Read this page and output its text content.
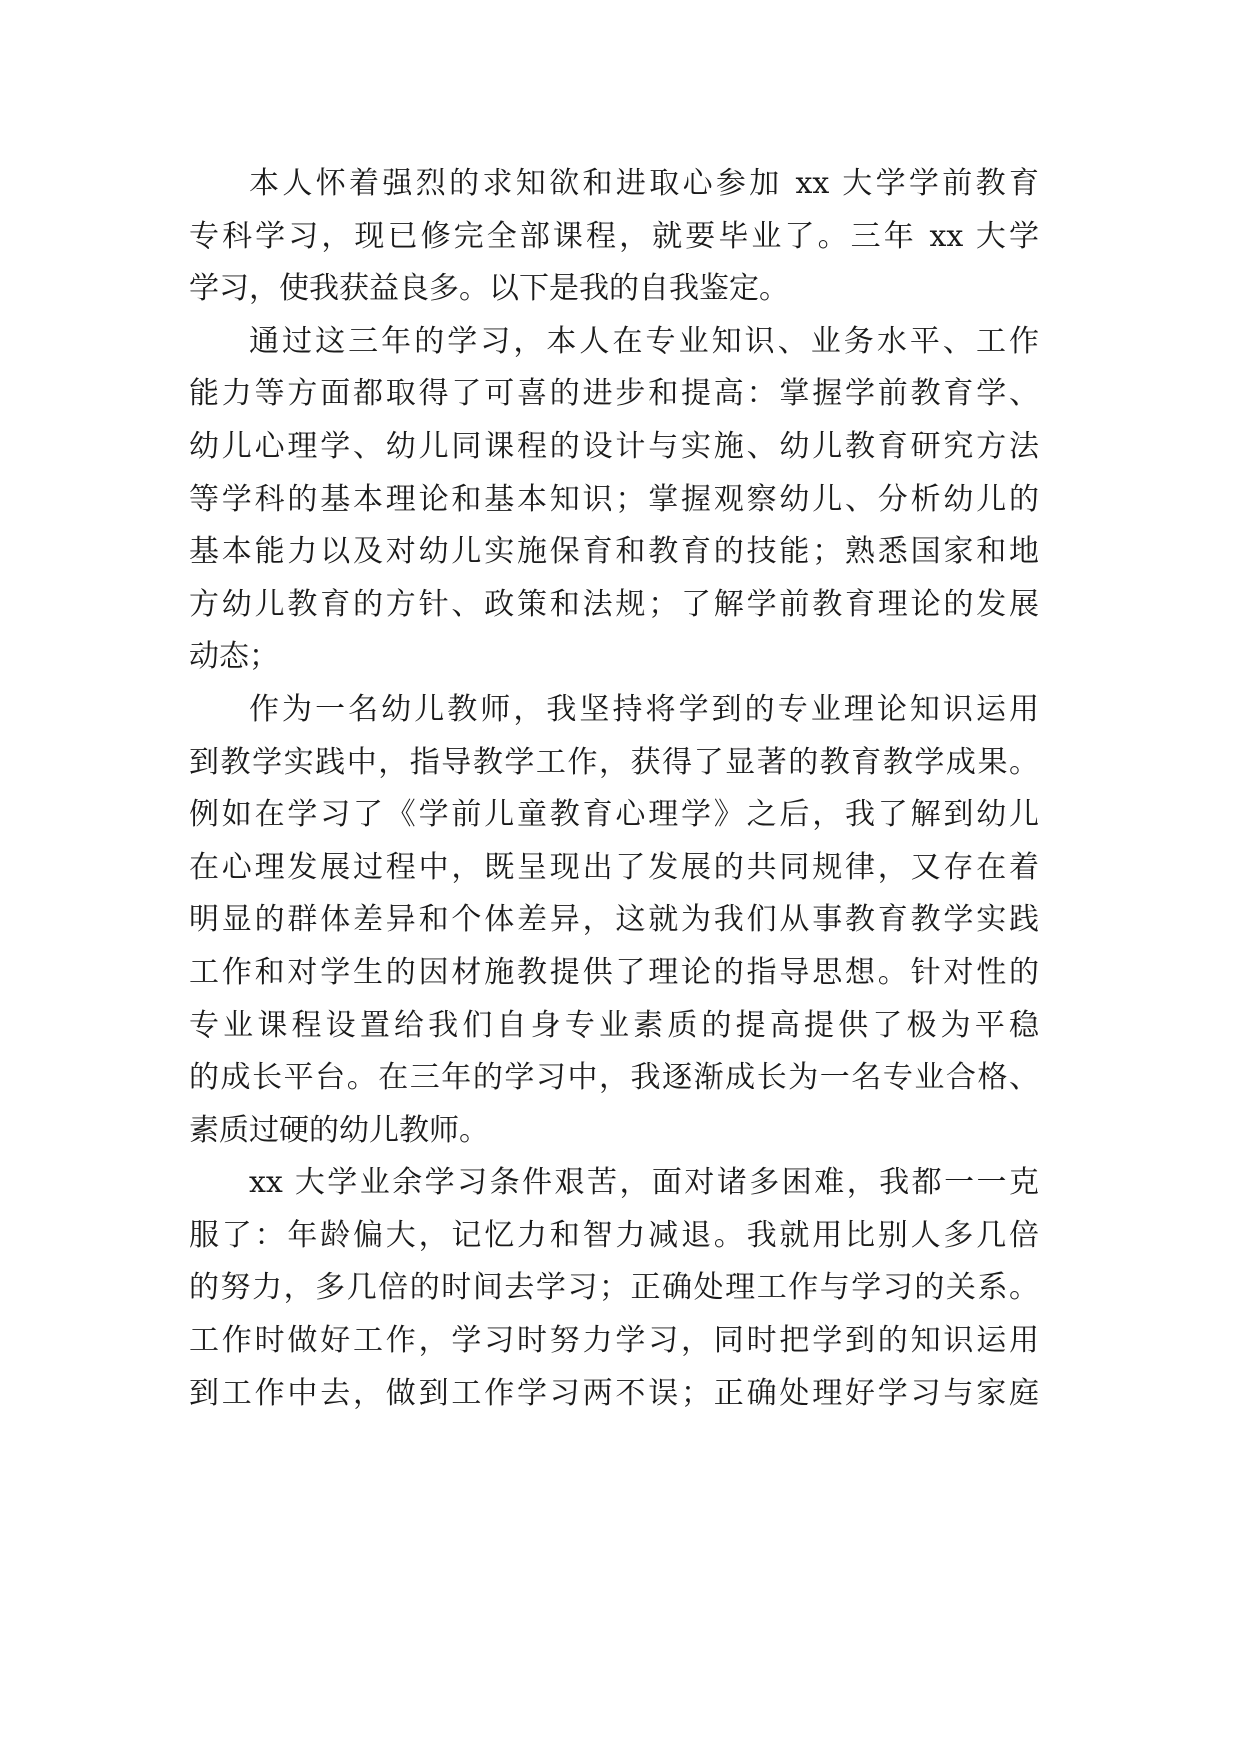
本人怀着强烈的求知欲和进取心参加 xx 大学学前教育
专科学习，现已修完全部课程，就要毕业了。三年 xx 大学
学习，使我获益良多。以下是我的自我鉴定。

通过这三年的学习，本人在专业知识、业务水平、工作
能力等方面都取得了可喜的进步和提高：掌握学前教育学、
幼儿心理学、幼儿同课程的设计与实施、幼儿教育研究方法
等学科的基本理论和基本知识；掌握观察幼儿、分析幼儿的
基本能力以及对幼儿实施保育和教育的技能；熟悉国家和地
方幼儿教育的方针、政策和法规；了解学前教育理论的发展
动态；

作为一名幼儿教师，我坚持将学到的专业理论知识运用
到教学实践中，指导教学工作，获得了显著的教育教学成果。
例如在学习了《学前儿童教育心理学》之后，我了解到幼儿
在心理发展过程中，既呈现出了发展的共同规律，又存在着
明显的群体差异和个体差异，这就为我们从事教育教学实践
工作和对学生的因材施教提供了理论的指导思想。针对性的
专业课程设置给我们自身专业素质的提高提供了极为平稳
的成长平台。在三年的学习中，我逐渐成长为一名专业合格、
素质过硬的幼儿教师。

xx 大学业余学习条件艰苦，面对诸多困难，我都一一克
服了：年龄偏大，记忆力和智力减退。我就用比别人多几倍
的努力，多几倍的时间去学习；正确处理工作与学习的关系。
工作时做好工作，学习时努力学习，同时把学到的知识运用
到工作中去，做到工作学习两不误；正确处理好学习与家庭
